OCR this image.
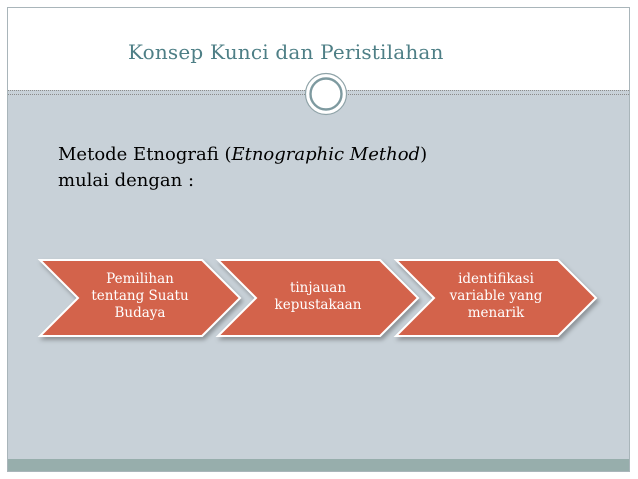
Konsep Kunci dan Peristilahan
Metode Etnografi (Etnographic Method)
mulai dengan :
Pemilihan
tentang Suatu
Budaya
tinjauan
kepustakaan
identifikasi
variable yang
menarik
